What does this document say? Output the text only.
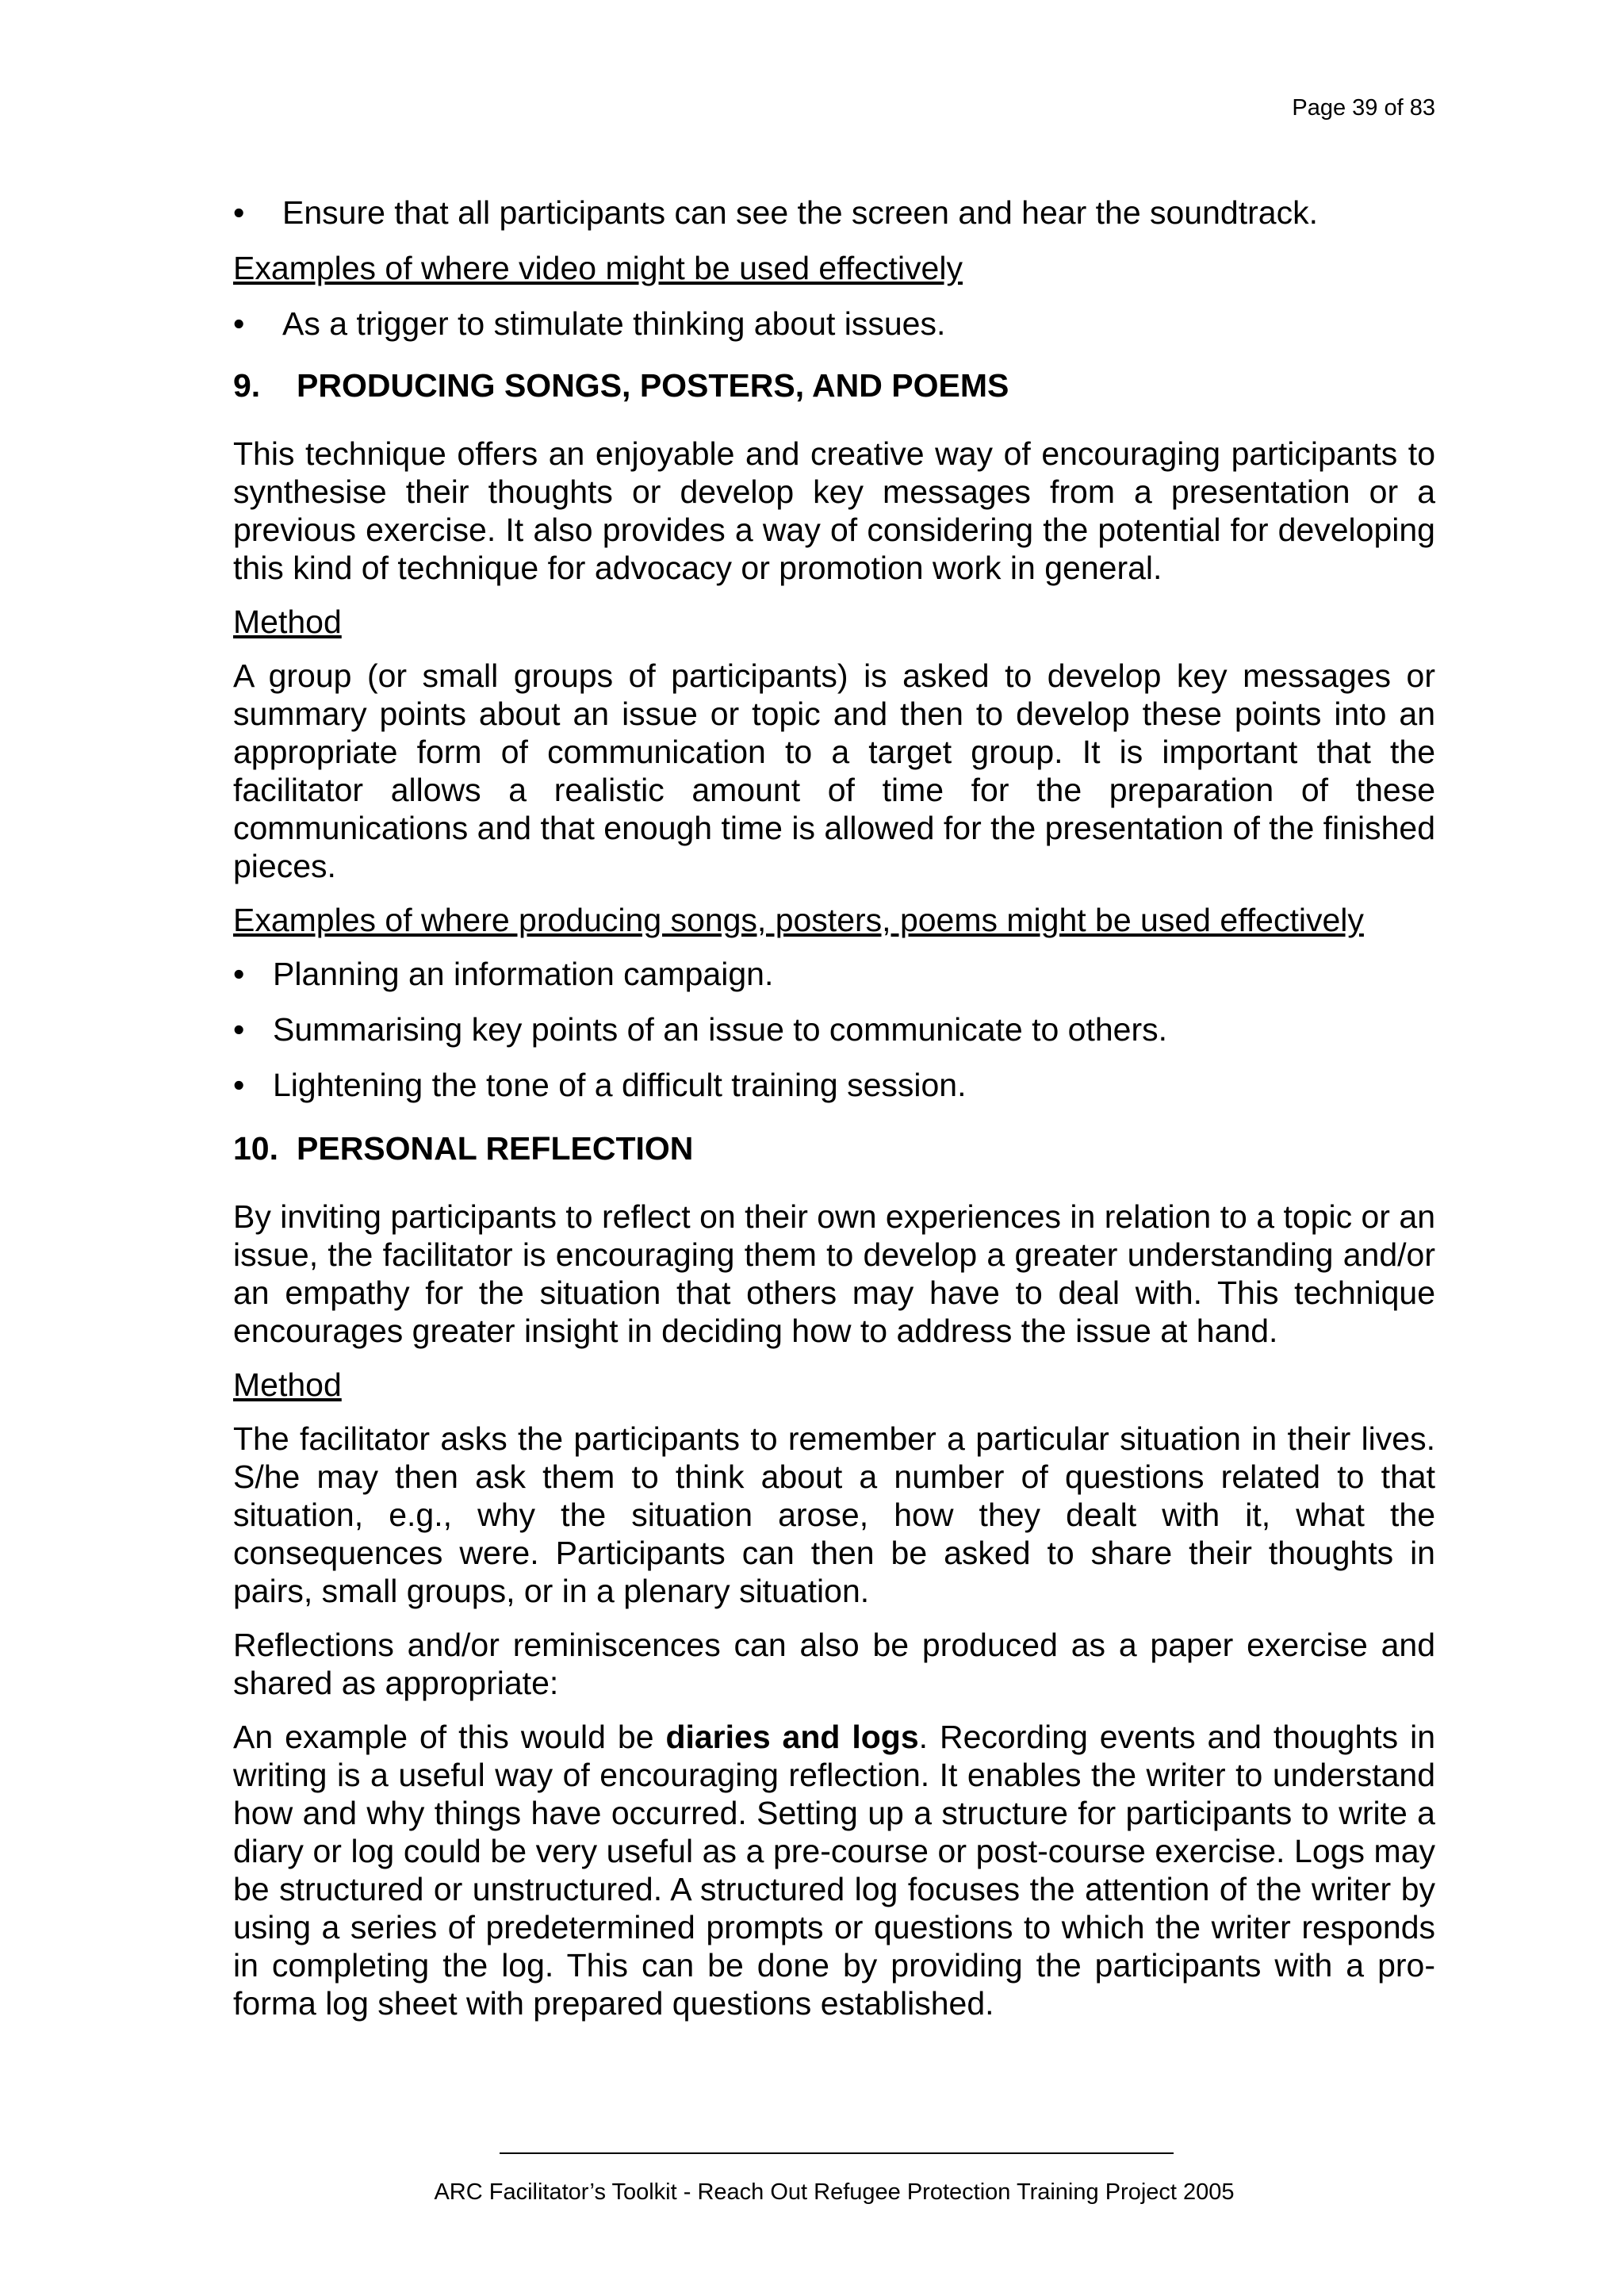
Page 39 of 83
•	Ensure that all participants can see the screen and hear the soundtrack.

Examples of where video might be used effectively

•	As a trigger to stimulate thinking about issues.
9. PRODUCING SONGS, POSTERS, AND POEMS

This technique offers an enjoyable and creative way of encouraging participants to synthesise their thoughts or develop key messages from a presentation or a previous exercise. It also provides a way of considering the potential for developing this kind of technique for advocacy or promotion work in general.

Method

A group (or small groups of participants) is asked to develop key messages or summary points about an issue or topic and then to develop these points into an appropriate form of communication to a target group. It is important that the facilitator allows a realistic amount of time for the preparation of these communications and that enough time is allowed for the presentation of the finished pieces.

Examples of where producing songs, posters, poems might be used effectively

• Planning an information campaign.
• Summarising key points of an issue to communicate to others.
• Lightening the tone of a difficult training session.
10. PERSONAL REFLECTION

By inviting participants to reflect on their own experiences in relation to a topic or an issue, the facilitator is encouraging them to develop a greater understanding and/or an empathy for the situation that others may have to deal with. This technique encourages greater insight in deciding how to address the issue at hand.

Method

The facilitator asks the participants to remember a particular situation in their lives. S/he may then ask them to think about a number of questions related to that situation, e.g., why the situation arose, how they dealt with it, what the consequences were. Participants can then be asked to share their thoughts in pairs, small groups, or in a plenary situation.

Reflections and/or reminiscences can also be produced as a paper exercise and shared as appropriate:

An example of this would be diaries and logs. Recording events and thoughts in writing is a useful way of encouraging reflection. It enables the writer to understand how and why things have occurred. Setting up a structure for participants to write a diary or log could be very useful as a pre-course or post-course exercise. Logs may be structured or unstructured. A structured log focuses the attention of the writer by using a series of predetermined prompts or questions to which the writer responds in completing the log. This can be done by providing the participants with a pro-forma log sheet with prepared questions established.

ARC Facilitator’s Toolkit - Reach Out Refugee Protection Training Project 2005
